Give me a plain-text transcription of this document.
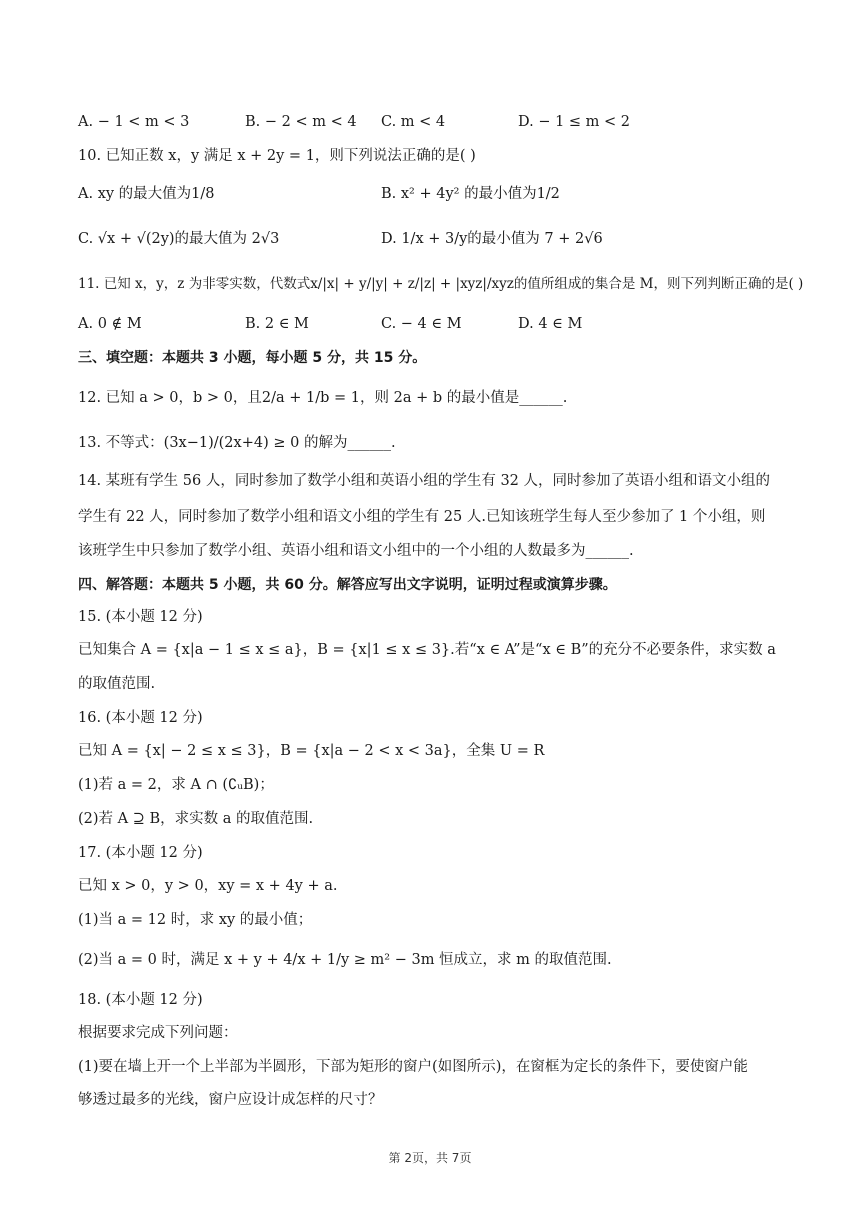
A. − 1 < m < 3	B. − 2 < m < 4 C. m < 4	D. − 1 ≤ m < 2
10. 已知正数 x，y 满足 x + 2y = 1，则下列说法正确的是( )
A. xy 的最大值为1/8	B. x² + 4y² 的最小值为1/2
C. √x + √(2y)的最大值为 2√3	D. 1/x + 3/y的最小值为 7 + 2√6
11. 已知 x，y，z 为非零实数，代数式x/|x| + y/|y| + z/|z| + |xyz|/xyz的值所组成的集合是 M，则下列判断正确的是( )
A. 0 ∉ M	B. 2 ∈ M	C. − 4 ∈ M	D. 4 ∈ M
三、填空题：本题共 3 小题，每小题 5 分，共 15 分。
12. 已知 a > 0，b > 0，且2/a + 1/b = 1，则 2a + b 的最小值是______.
13. 不等式：(3x−1)/(2x+4) ≥ 0 的解为______.
14. 某班有学生 56 人，同时参加了数学小组和英语小组的学生有 32 人，同时参加了英语小组和语文小组的
学生有 22 人，同时参加了数学小组和语文小组的学生有 25 人.已知该班学生每人至少参加了 1 个小组，则
该班学生中只参加了数学小组、英语小组和语文小组中的一个小组的人数最多为______.
四、解答题：本题共 5 小题，共 60 分。解答应写出文字说明，证明过程或演算步骤。
15. (本小题 12 分)
已知集合 A = {x|a − 1 ≤ x ≤ a}，B = {x|1 ≤ x ≤ 3}.若“x ∈ A”是“x ∈ B”的充分不必要条件，求实数 a
的取值范围.
16. (本小题 12 分)
已知 A = {x| − 2 ≤ x ≤ 3}，B = {x|a − 2 < x < 3a}，全集 U = R
(1)若 a = 2，求 A ∩ (∁ᵤB)；
(2)若 A ⊇ B，求实数 a 的取值范围.
17. (本小题 12 分)
已知 x > 0，y > 0，xy = x + 4y + a.
(1)当 a = 12 时，求 xy 的最小值；
(2)当 a = 0 时，满足 x + y + 4/x + 1/y ≥ m² − 3m 恒成立，求 m 的取值范围.
18. (本小题 12 分)
根据要求完成下列问题：
(1)要在墙上开一个上半部为半圆形，下部为矩形的窗户(如图所示)，在窗框为定长的条件下，要使窗户能
够透过最多的光线，窗户应设计成怎样的尺寸？
第 2页，共 7页
